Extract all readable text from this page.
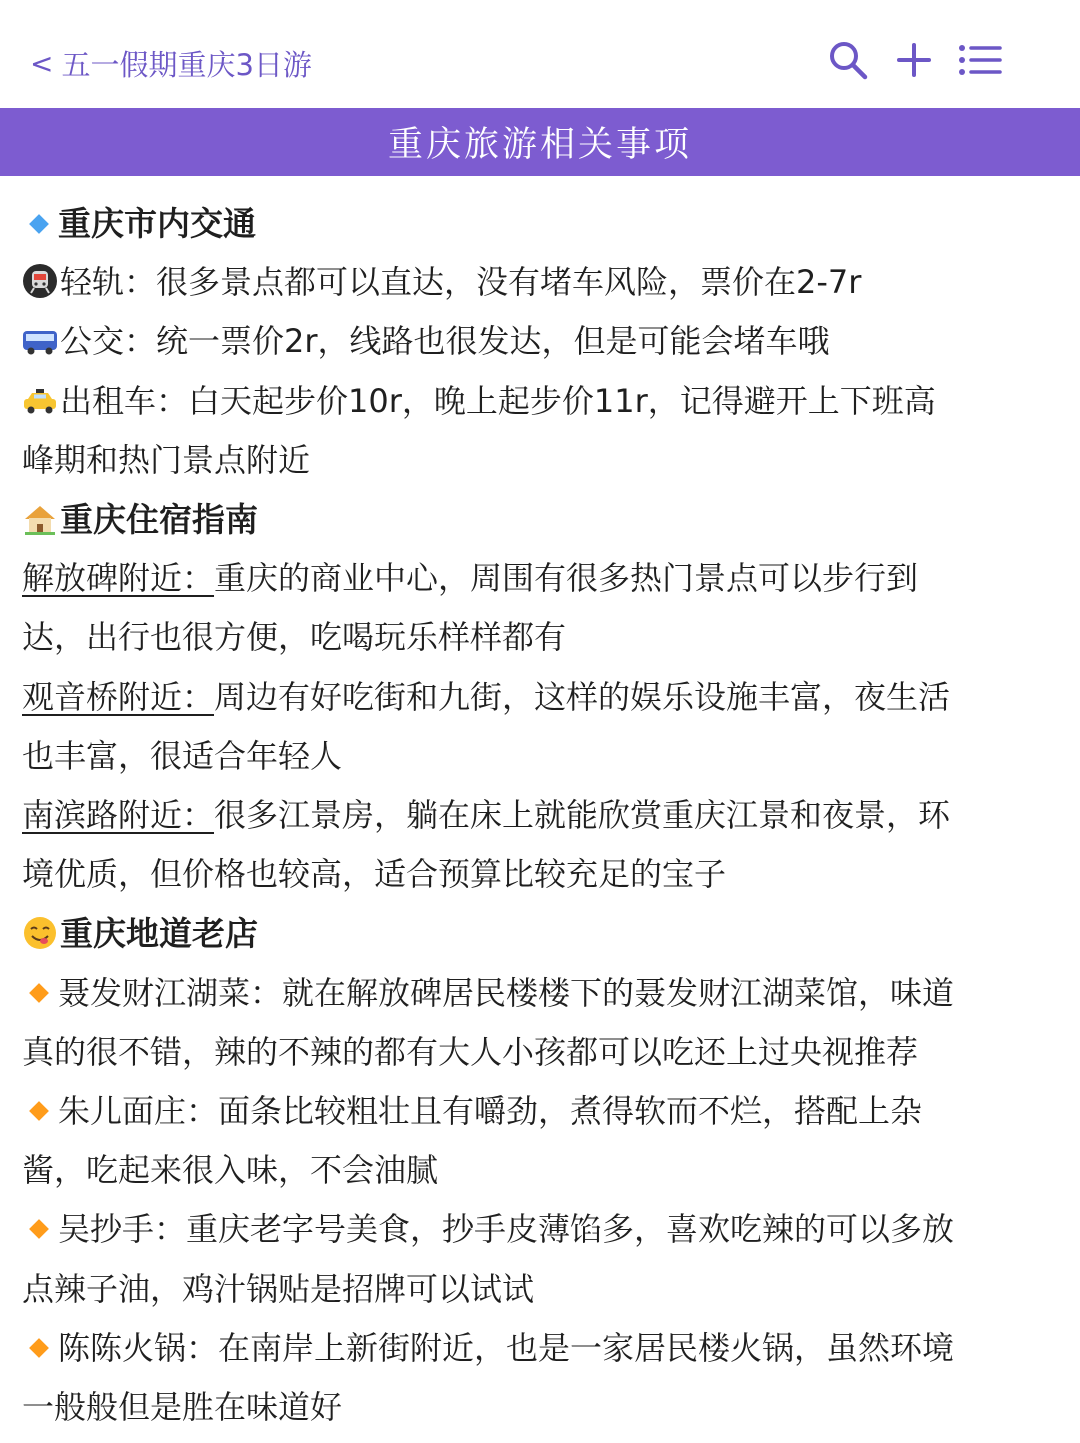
< 五一假期重庆3日游
重庆旅游相关事项
重庆市内交通
轻轨：很多景点都可以直达，没有堵车风险，票价在2-7r
公交：统一票价2r，线路也很发达，但是可能会堵车哦
出租车：白天起步价10r，晚上起步价11r，记得避开上下班高
峰期和热门景点附近
重庆住宿指南
解放碑附近：重庆的商业中心，周围有很多热门景点可以步行到
达，出行也很方便，吃喝玩乐样样都有
观音桥附近：周边有好吃街和九街，这样的娱乐设施丰富，夜生活
也丰富，很适合年轻人
南滨路附近：很多江景房，躺在床上就能欣赏重庆江景和夜景，环
境优质，但价格也较高，适合预算比较充足的宝子
重庆地道老店
聂发财江湖菜：就在解放碑居民楼楼下的聂发财江湖菜馆，味道
真的很不错，辣的不辣的都有大人小孩都可以吃还上过央视推荐
朱儿面庄：面条比较粗壮且有嚼劲，煮得软而不烂，搭配上杂
酱，吃起来很入味，不会油腻
吴抄手：重庆老字号美食，抄手皮薄馅多，喜欢吃辣的可以多放
点辣子油，鸡汁锅贴是招牌可以试试
陈陈火锅：在南岸上新街附近，也是一家居民楼火锅，虽然环境
一般般但是胜在味道好
